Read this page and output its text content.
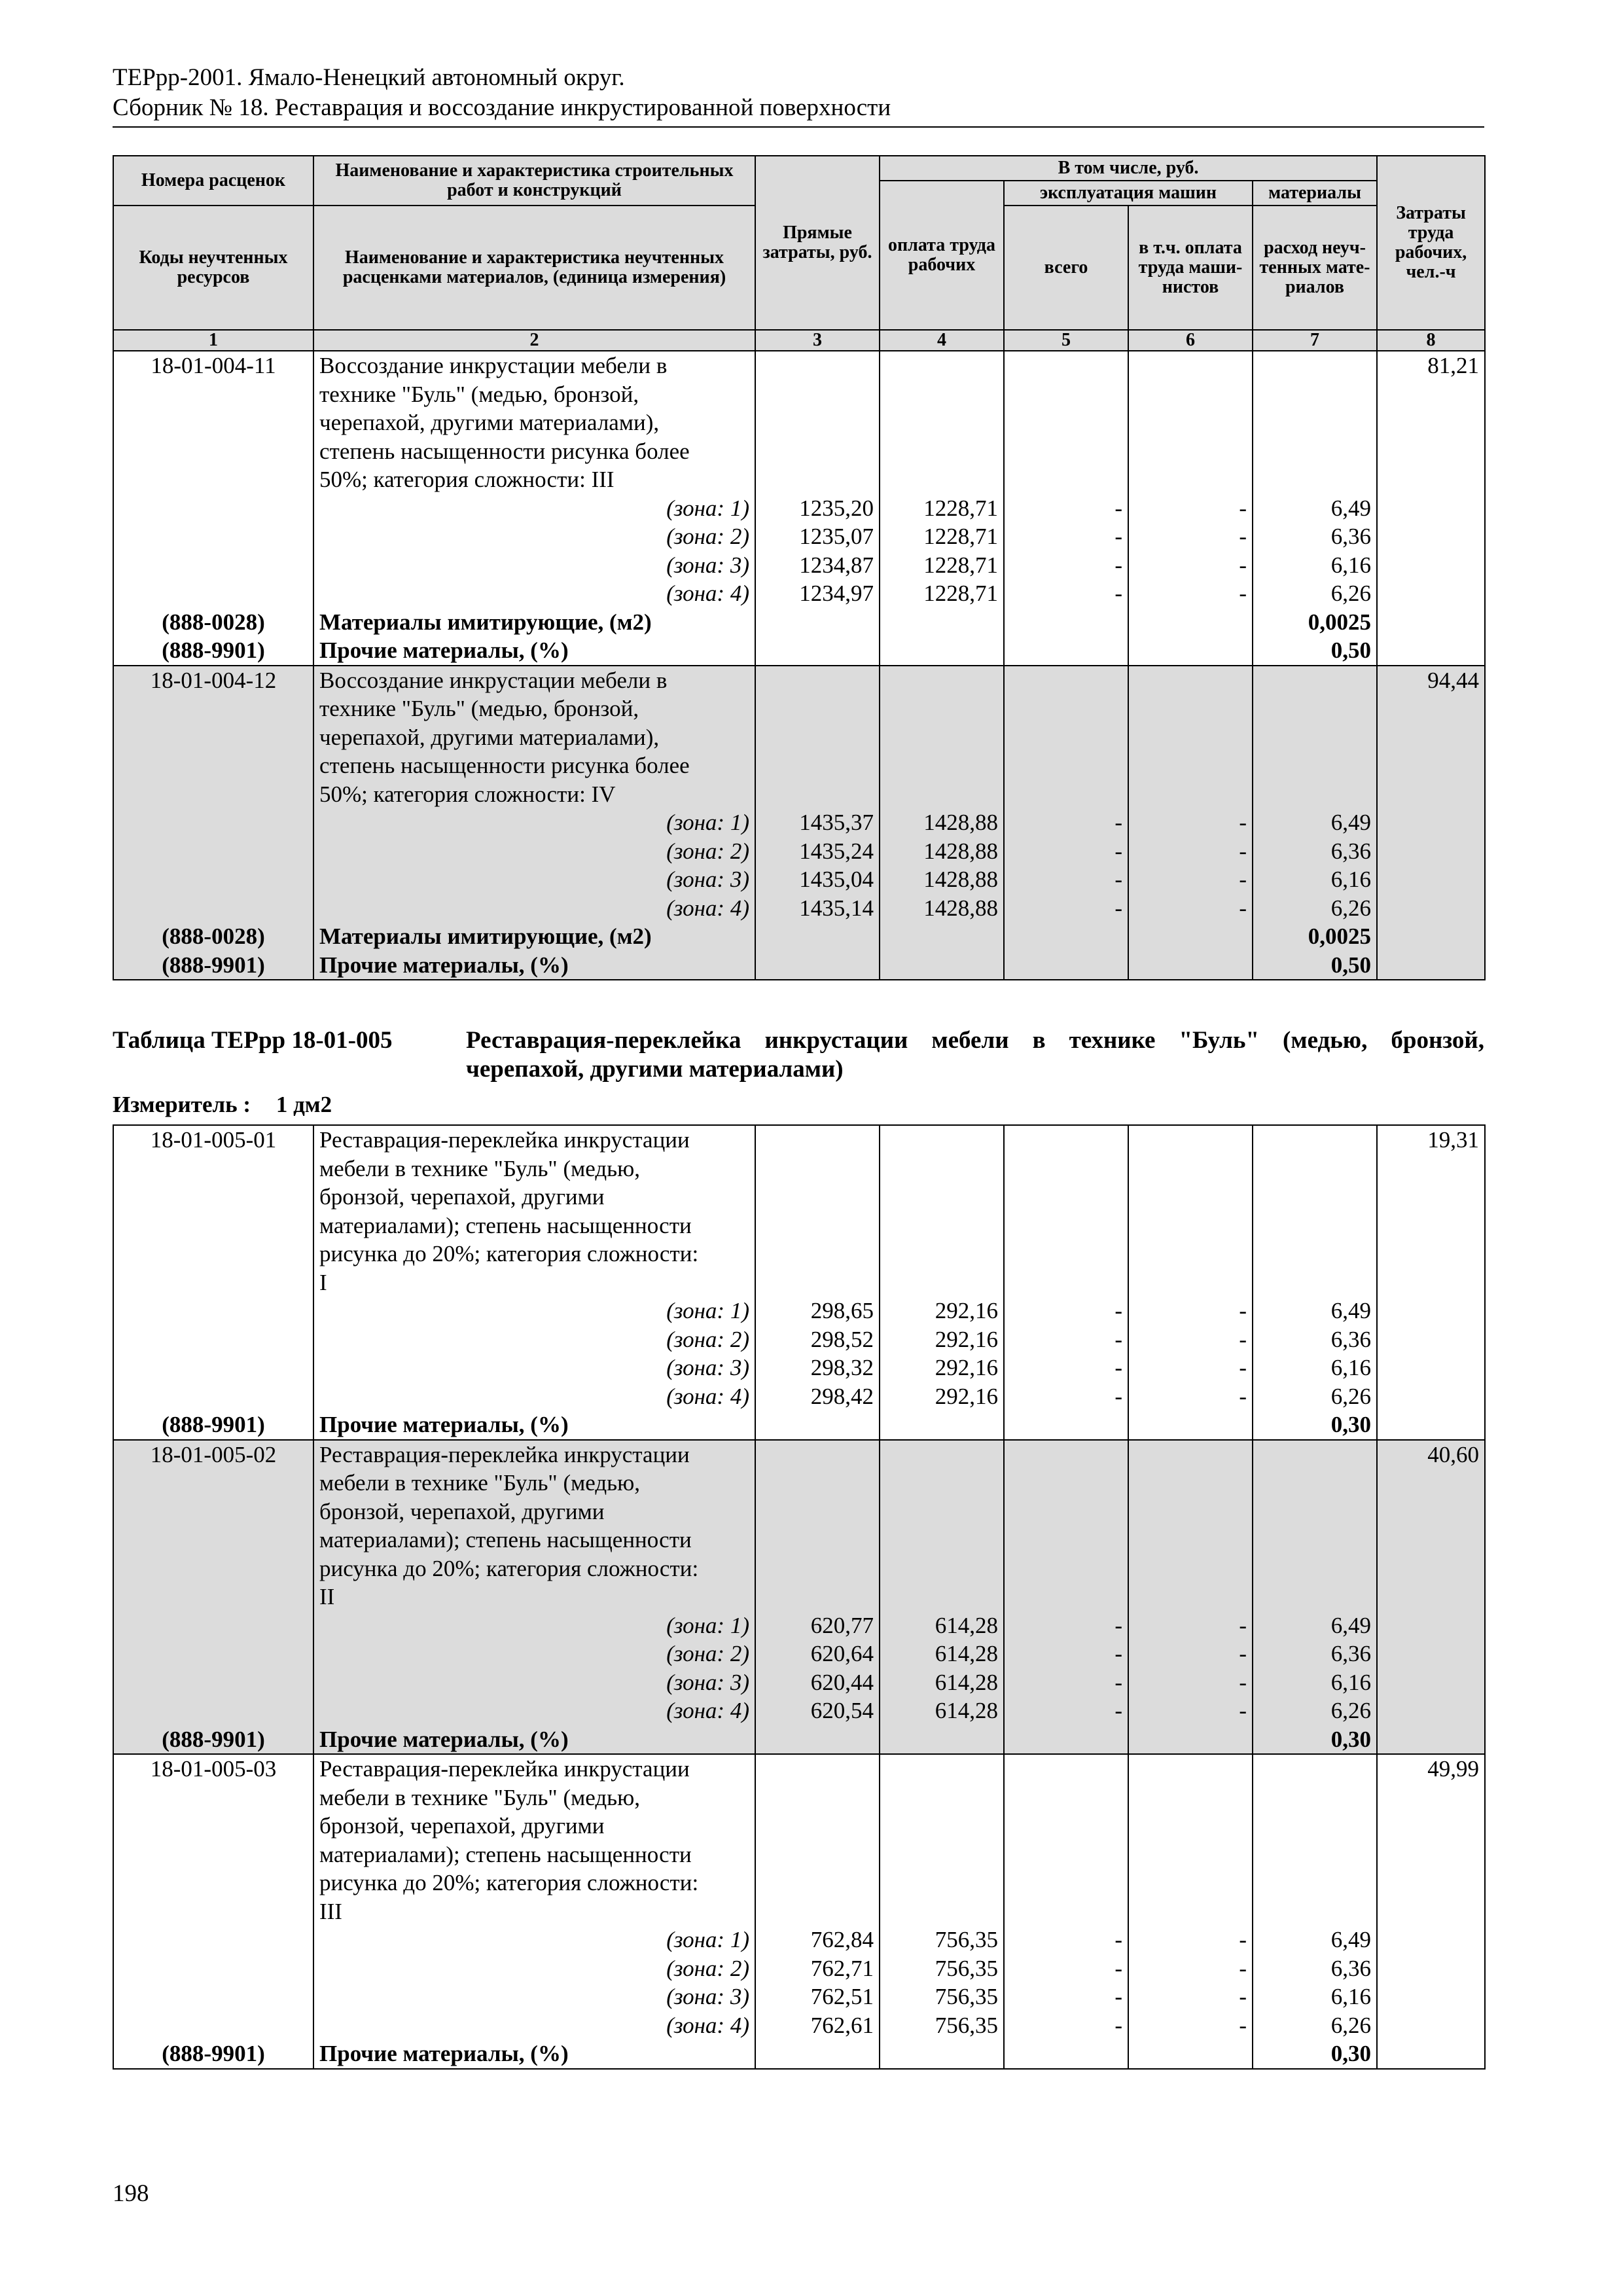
ТЕРрр-2001. Ямало-Ненецкий автономный округ.
Сборник № 18. Реставрация и воссоздание инкрустированной поверхности
Номера расценок	Наименование и характеристика строительных работ и конструкций	Прямые затраты, руб.	В том числе, руб.				Затраты труда рабочих, чел.-ч
			оплата труда рабочих	эксплуатация машин		материалы	
Коды неучтенных ресурсов	Наименование и характеристика неучтенных расценками материалов, (единица измерения)			всего	в т.ч. оплата труда маши-нистов	расход неуч-тенных мате-риалов	
1	2	3	4	5	6	7	8
18-01-004-11	Воссоздание инкрустации мебели в						81,21
	технике "Буль" (медью, бронзой,						
	черепахой, другими материалами),						
	степень насыщенности рисунка более						
	50%; категория сложности: III						
	(зона: 1)	1235,20	1228,71	-	-	6,49	
	(зона: 2)	1235,07	1228,71	-	-	6,36	
	(зона: 3)	1234,87	1228,71	-	-	6,16	
	(зона: 4)	1234,97	1228,71	-	-	6,26	
(888-0028)	Материалы имитирующие, (м2)					0,0025	
(888-9901)	Прочие материалы, (%)					0,50	
18-01-004-12	Воссоздание инкрустации мебели в						94,44
	технике "Буль" (медью, бронзой,						
	черепахой, другими материалами),						
	степень насыщенности рисунка более						
	50%; категория сложности: IV						
	(зона: 1)	1435,37	1428,88	-	-	6,49	
	(зона: 2)	1435,24	1428,88	-	-	6,36	
	(зона: 3)	1435,04	1428,88	-	-	6,16	
	(зона: 4)	1435,14	1428,88	-	-	6,26	
(888-0028)	Материалы имитирующие, (м2)					0,0025	
(888-9901)	Прочие материалы, (%)					0,50	
Таблица ТЕРрр 18-01-005	Реставрация-переклейка инкрустации мебели в технике "Буль" (медью, бронзой, черепахой, другими материалами)
Измеритель : 1 дм2
18-01-005-01	Реставрация-переклейка инкрустации						19,31
	мебели в технике "Буль" (медью,						
	бронзой, черепахой, другими						
	материалами); степень насыщенности						
	рисунка до 20%; категория сложности:						
	I						
	(зона: 1)	298,65	292,16	-	-	6,49	
	(зона: 2)	298,52	292,16	-	-	6,36	
	(зона: 3)	298,32	292,16	-	-	6,16	
	(зона: 4)	298,42	292,16	-	-	6,26	
(888-9901)	Прочие материалы, (%)					0,30	
18-01-005-02	Реставрация-переклейка инкрустации						40,60
	мебели в технике "Буль" (медью,						
	бронзой, черепахой, другими						
	материалами); степень насыщенности						
	рисунка до 20%; категория сложности:						
	II						
	(зона: 1)	620,77	614,28	-	-	6,49	
	(зона: 2)	620,64	614,28	-	-	6,36	
	(зона: 3)	620,44	614,28	-	-	6,16	
	(зона: 4)	620,54	614,28	-	-	6,26	
(888-9901)	Прочие материалы, (%)					0,30	
18-01-005-03	Реставрация-переклейка инкрустации						49,99
	мебели в технике "Буль" (медью,						
	бронзой, черепахой, другими						
	материалами); степень насыщенности						
	рисунка до 20%; категория сложности:						
	III						
	(зона: 1)	762,84	756,35	-	-	6,49	
	(зона: 2)	762,71	756,35	-	-	6,36	
	(зона: 3)	762,51	756,35	-	-	6,16	
	(зона: 4)	762,61	756,35	-	-	6,26	
(888-9901)	Прочие материалы, (%)					0,30	
198
